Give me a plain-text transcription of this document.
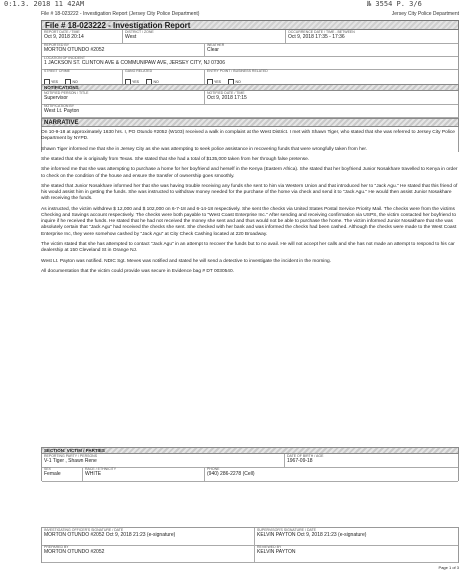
0:1.3. 2018 11 42AM	№ 3554 P. 3/6
File # 18-023222 - Investigation Report (Jersey City Police Department)	Jersey City Police Department
File # 18-023222 - Investigation Report
REPORT DATE / TIME
Oct 9, 2018 20:14
DISTRICT / ZONE
West
OCCURRENCE DATE / TIME - BETWEEN
Oct 9, 2018 17:35 - 17:36
REPORTED BY
MORTON OTUNDO #2052
WEATHER
Clear
LOCATION OF INCIDENT
1 JACKSON ST. CLINTON AVE & COMMUNIPAW AVE, JERSEY CITY, NJ 07306
STREET CRIME
YES	NO
GANG RELATED
YES	NO
ENTRY POINT / BUSINESS RELATED
YES	NO
NOTIFICATIONS
NOTIFIED PERSON / TITLE
Supervisor
NOTIFIED DATE / TIME
Oct 9, 2018 17:15
NOTIFICATION BY
West Lt. Payton
NARRATIVE

On 10-9-18 at approximately 1630 hrs. I, PO Otundo #2052 (W103) received a walk in complaint at the West District. I met with Shawn Tiger, who stated that she was referred to Jersey City Police Department by NYPD.

Shawn Tiger informed me that she in Jersey City as she was attempting to seek police assistance in recovering funds that were wrongfully taken from her.

She stated that she is originally from Texas. She stated that she had a total of $135,000 taken from her through false pretense.

She informed me that she was attempting to purchase a home for her boyfriend and herself in the Kenya (Eastern Africa). She stated that her boyfriend Junior Nosakhare travelled to Kenya in order to check on the condition of the house and ensure the transfer of ownership goes smoothly.

She stated that Junior Nosakhare informed her that she was having trouble receiving any funds she sent to him via Western Union and that introduced her to "Jack Agu." He stated that this friend of his would assist him in getting the funds. She was instructed to withdraw money needed for the purchase of the home via check and send it to "Jack Agu." He would then assist Junior Nosakhare with receiving the funds.

As instructed, the victim withdrew $ 12,000 and $ 102,000 on 6-7-18 and 6-14-18 respectively. She sent the checks via United States Postal Service Priority Mail. The checks were from the victims Checking and Savings account respectively. The checks were both payable to "West Coast Enterprise Inc." After sending and receiving confirmation via USPS, the victim contacted her boyfriend to inquire if he received the funds. He stated that he had not received the money she sent and and thus would not be able to purchase the home. The victim informed Junior Nosakhare that she was absolutely certain that "Jack Agu" had received the checks she sent. She checked with her bank and was informed the checks had been cashed. Although the checks were made to the West Coast Enterprise Inc, they were somehow cashed by "Jack Agu" at City Check Cashing located at 220 Broadway.

The victim stated that she has attempted to contact "Jack Agu" in an attempt to recover the funds but to no avail. He will not accept her calls and she has not made an attempt to respond to his car dealership at 150 Cleveland St in Orange NJ.

West Lt. Payton was notified. NDIC Sgt. Meves was notified and stated he will send a detective to investigate the incident in the morning.

All documentation that the victim could provide was secure in Evidence bag # DT 0030540.

SECTION: VICTIM / PARTIES
REPORTING PARTY / PERSONS
V-1 Tiger , Shawn Rene
DATE OF BIRTH / AGE
1967-09-18
SEX
Female
RACE / ETHNICITY
WHITE
PHONE
(940) 286-2278 (Cell)
INVESTIGATING OFFICER'S SIGNATURE / DATE
MORTON OTUNDO #2052 Oct 9, 2018 21:23 (e-signature)
SUPERVISOR'S SIGNATURE / DATE
KELVIN PAYTON Oct 9, 2018 21:23 (e-signature)
PREPARED BY
MORTON OTUNDO #2052
REVIEWED BY
KELVIN PAYTON
Page 1 of 3
